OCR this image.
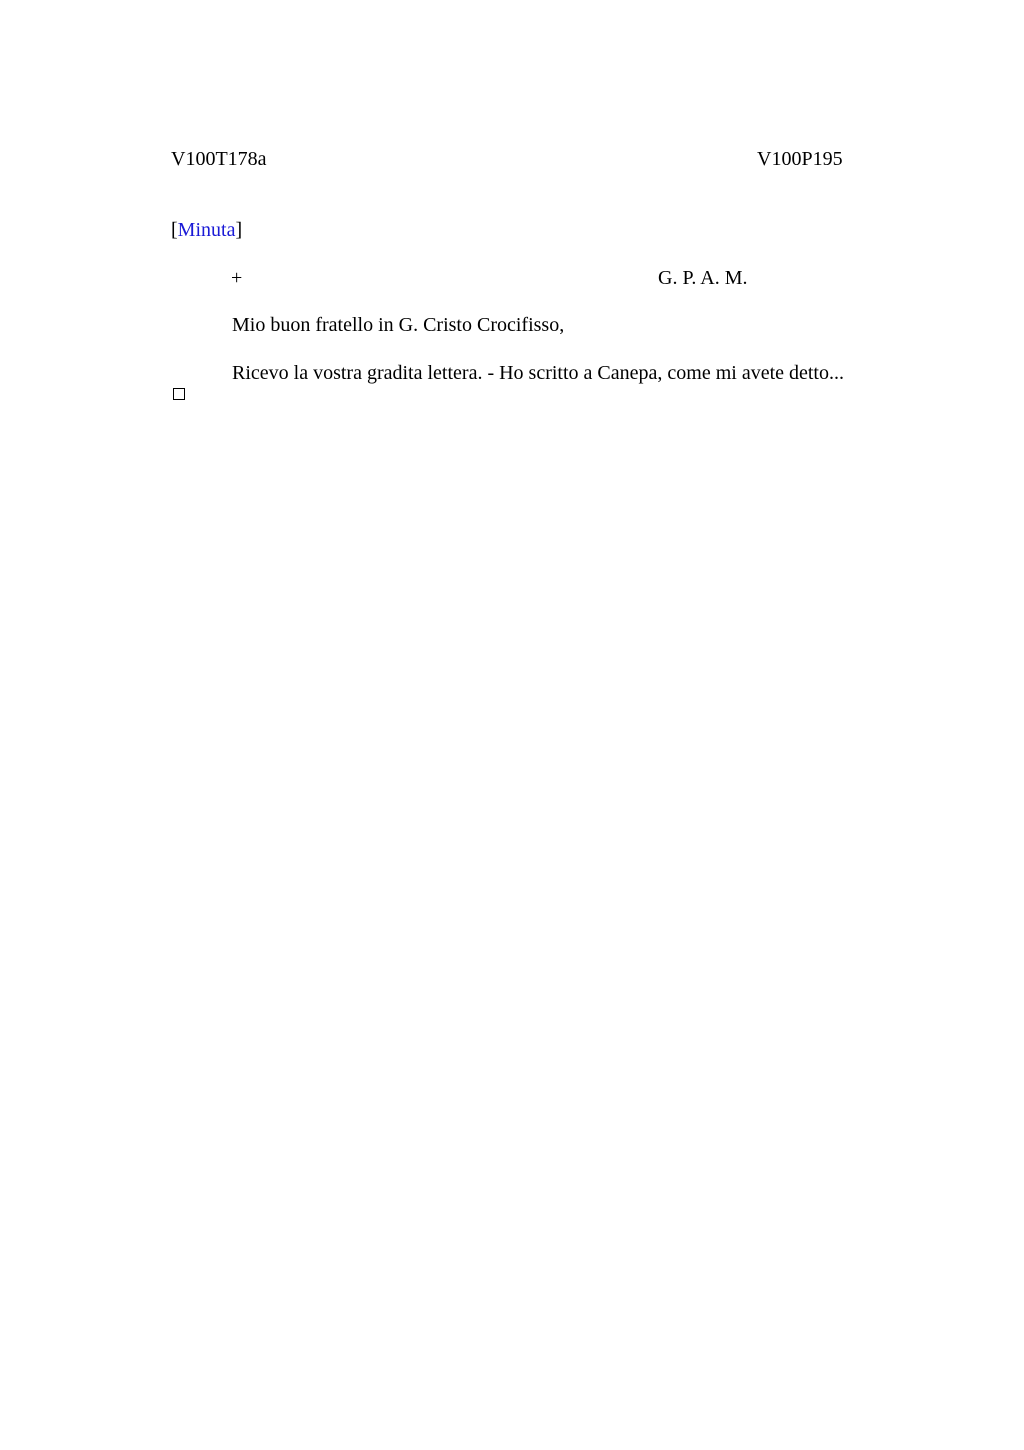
V100T178a	V100P195
[Minuta]
+	G. P. A. M.
Mio buon fratello in G. Cristo Crocifisso,
Ricevo la vostra gradita lettera. - Ho scritto a Canepa, come mi avete detto...
